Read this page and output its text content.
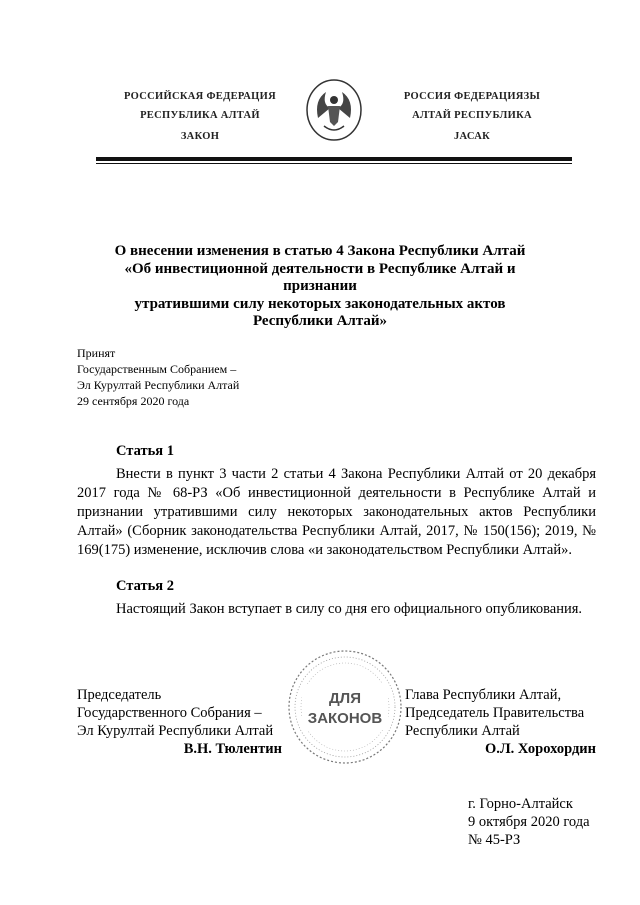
РОССИЙСКАЯ ФЕДЕРАЦИЯ
РЕСПУБЛИКА АЛТАЙ
ЗАКОН
РОССИЯ ФЕДЕРАЦИЯЗЫ
АЛТАЙ РЕСПУБЛИКА
JАСАК
О внесении изменения в статью 4 Закона Республики Алтай
«Об инвестиционной деятельности в Республике Алтай и признании
утратившими силу некоторых законодательных актов
Республики Алтай»
Принят
Государственным Собранием –
Эл Курултай Республики Алтай
29 сентября 2020 года
Статья 1
Внести в пункт 3 части 2 статьи 4 Закона Республики Алтай от 20 декабря 2017 года № 68-РЗ «Об инвестиционной деятельности в Республике Алтай и признании утратившими силу некоторых законодательных актов Республики Алтай» (Сборник законодательства Республики Алтай, 2017, № 150(156); 2019, № 169(175) изменение, исключив слова «и законодательством Республики Алтай».
Статья 2
Настоящий Закон вступает в силу со дня его официального опубликования.
ДЛЯ
ЗАКОНОВ
Председатель
Государственного Собрания –
Эл Курултай Республики Алтай
В.Н. Тюлентин
Глава Республики Алтай,
Председатель Правительства
Республики Алтай
О.Л. Хорохордин
г. Горно-Алтайск
9 октября 2020 года
№ 45-РЗ
